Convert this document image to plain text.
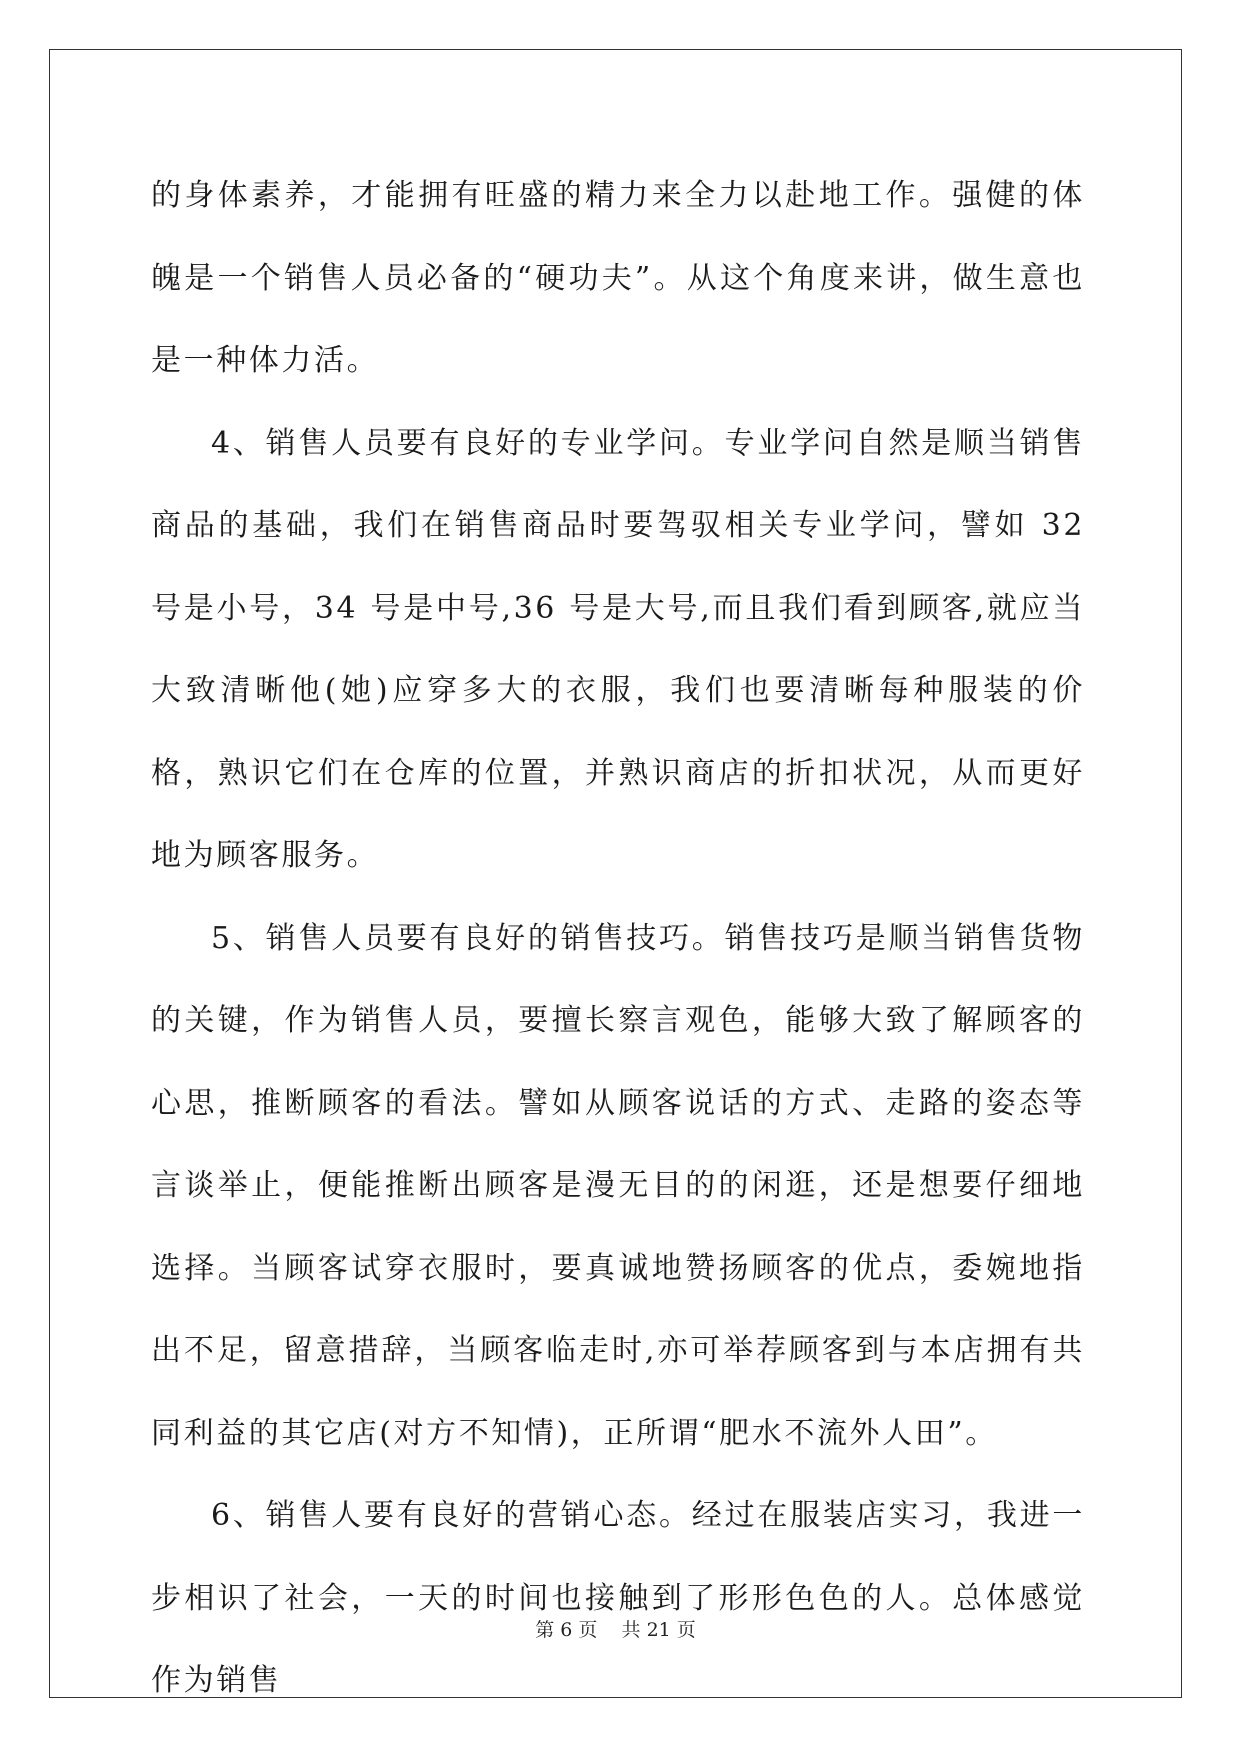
的身体素养，才能拥有旺盛的精力来全力以赴地工作。强健的体魄是一个销售人员必备的“硬功夫”。从这个角度来讲，做生意也是一种体力活。

4、销售人员要有良好的专业学问。专业学问自然是顺当销售商品的基础，我们在销售商品时要驾驭相关专业学问，譬如 32 号是小号，34 号是中号,36 号是大号,而且我们看到顾客,就应当大致清晰他(她)应穿多大的衣服，我们也要清晰每种服装的价格，熟识它们在仓库的位置，并熟识商店的折扣状况，从而更好地为顾客服务。

5、销售人员要有良好的销售技巧。销售技巧是顺当销售货物的关键，作为销售人员，要擅长察言观色，能够大致了解顾客的心思，推断顾客的看法。譬如从顾客说话的方式、走路的姿态等言谈举止，便能推断出顾客是漫无目的的闲逛，还是想要仔细地选择。当顾客试穿衣服时，要真诚地赞扬顾客的优点，委婉地指出不足，留意措辞，当顾客临走时,亦可举荐顾客到与本店拥有共同利益的其它店(对方不知情)，正所谓“肥水不流外人田”。

6、销售人要有良好的营销心态。经过在服装店实习，我进一步相识了社会，一天的时间也接触到了形形色色的人。总体感觉作为销售

第 6 页    共 21 页
